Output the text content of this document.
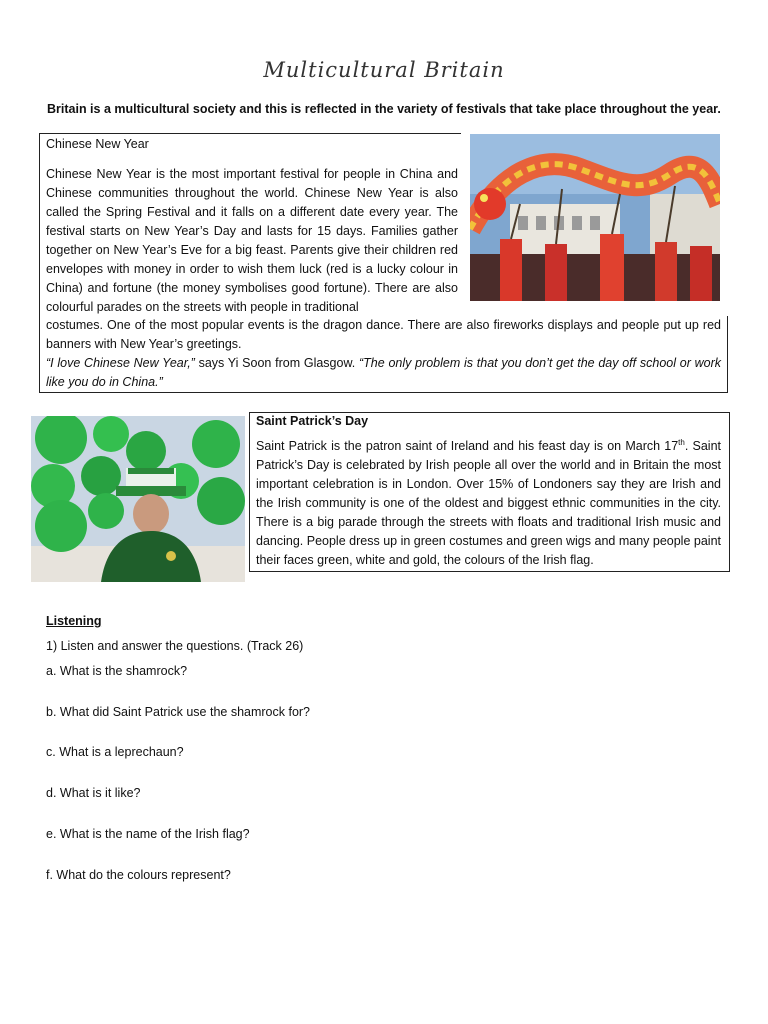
Multicultural Britain
Britain is a multicultural society and this is reflected in the variety of festivals that take place throughout the year.
Chinese New Year
Chinese New Year is the most important festival for people in China and Chinese communities throughout the world. Chinese New Year is also called the Spring Festival and it falls on a different date every year. The festival starts on New Year’s Day and lasts for 15 days. Families gather together on New Year’s Eve for a big feast. Parents give their children red envelopes with money in order to wish them luck (red is a lucky colour in China) and fortune (the money symbolises good fortune). There are also colourful parades on the streets with people in traditional
costumes. One of the most popular events is the dragon dance. There are also fireworks displays and people put up red banners with New Year’s greetings.
“I love Chinese New Year,” says Yi Soon from Glasgow. “The only problem is that you don’t get the day off school or work like you do in China.”
Saint Patrick’s Day
Saint Patrick is the patron saint of Ireland and his feast day is on March 17th. Saint Patrick’s Day is celebrated by Irish people all over the world and in Britain the most important celebration is in London. Over 15% of Londoners say they are Irish and the Irish community is one of the oldest and biggest ethnic communities in the city. There is a big parade through the streets with floats and traditional Irish music and dancing. People dress up in green costumes and green wigs and many people paint their faces green, white and gold, the colours of the Irish flag.
Listening
1) Listen and answer the questions. (Track 26)
a. What is the shamrock?
b. What did Saint Patrick use the shamrock for?
c. What is a leprechaun?
d. What is it like?
e. What is the name of the Irish flag?
f. What do the colours represent?
